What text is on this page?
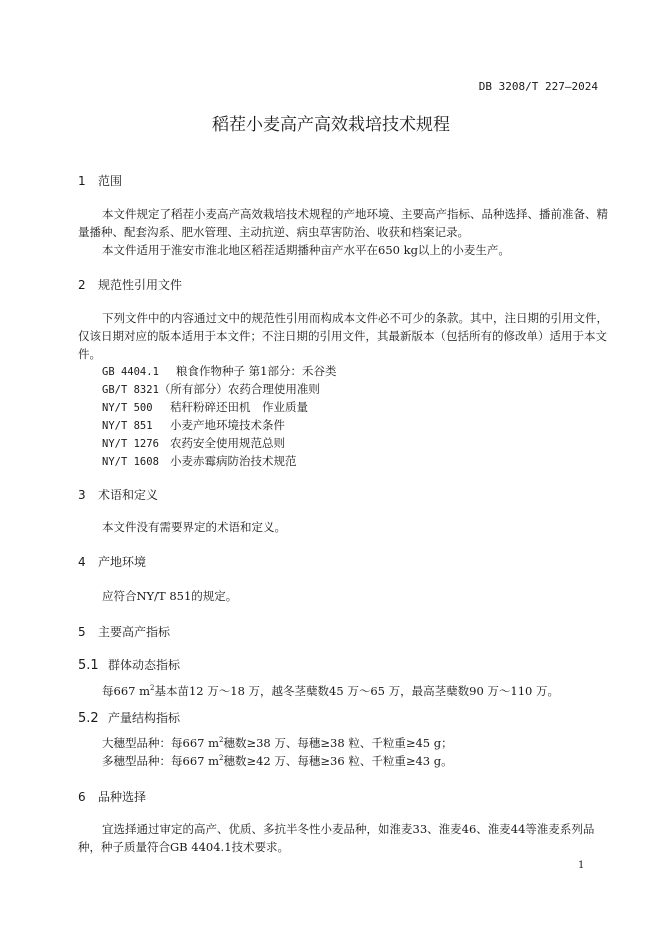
DB 3208/T 227—2024
稻茬小麦高产高效栽培技术规程
1 范围
本文件规定了稻茬小麦高产高效栽培技术规程的产地环境、主要高产指标、品种选择、播前准备、精量播种、配套沟系、肥水管理、主动抗逆、病虫草害防治、收获和档案记录。
本文件适用于淮安市淮北地区稻茬适期播种亩产水平在650 kg以上的小麦生产。
2 规范性引用文件
下列文件中的内容通过文中的规范性引用而构成本文件必不可少的条款。其中，注日期的引用文件，仅该日期对应的版本适用于本文件；不注日期的引用文件，其最新版本（包括所有的修改单）适用于本文件。
GB 4404.1 粮食作物种子 第1部分：禾谷类
GB/T 8321（所有部分）农药合理使用准则
NY/T 500 秸秆粉碎还田机　作业质量
NY/T 851 小麦产地环境技术条件
NY/T 1276 农药安全使用规范总则
NY/T 1608 小麦赤霉病防治技术规范
3 术语和定义
本文件没有需要界定的术语和定义。
4 产地环境
应符合NY/T 851的规定。
5 主要高产指标
5.1 群体动态指标
每667 $m^2$基本苗12 万～18 万，越冬茎蘖数45 万～65 万，最高茎蘖数90 万～110 万。
5.2 产量结构指标
大穗型品种：每667 $m^2$穗数≥38 万、每穗≥38 粒、千粒重≥45 g；
多穗型品种：每667 $m^2$穗数≥42 万、每穗≥36 粒、千粒重≥43 g。
6 品种选择
宜选择通过审定的高产、优质、多抗半冬性小麦品种，如淮麦33、淮麦46、淮麦44等淮麦系列品种，种子质量符合GB 4404.1技术要求。
1
